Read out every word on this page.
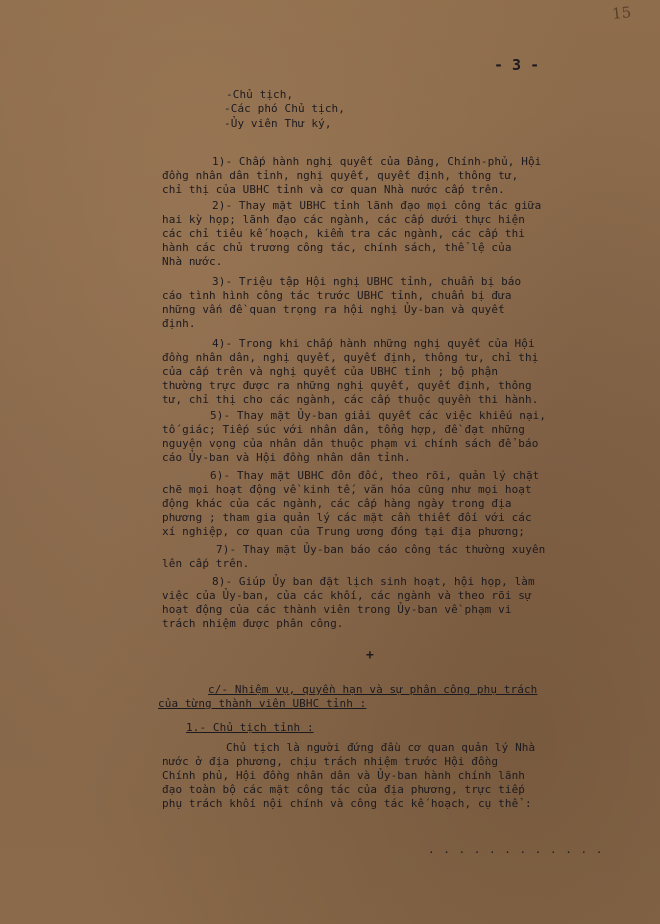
15
- 3 -
-Chủ tịch,
-Các phó Chủ tịch,
-Ủy viên Thư ký,
1)- Chấp hành nghị quyết của Đảng, Chính-phủ, Hội
đồng nhân dân tỉnh, nghị quyết, quyết định, thông tư,
chỉ thị của UBHC tỉnh và cơ quan Nhà nước cấp trên.
2)- Thay mặt UBHC tỉnh lãnh đạo mọi công tác giữa
hai kỳ họp; lãnh đạo các ngành, các cấp dưới thực hiện
các chỉ tiêu kế hoạch, kiểm tra các ngành, các cấp thi
hành các chủ trương công tác, chính sách, thể lệ của
Nhà nước.
3)- Triệu tập Hội nghị UBHC tỉnh, chuẩn bị báo
cáo tình hình công tác trước UBHC tỉnh, chuẩn bị đưa
những vấn đề quan trọng ra hội nghị Ủy-ban và quyết
định.
4)- Trong khi chấp hành những nghị quyết của Hội
đồng nhân dân, nghị quyết, quyết định, thông tư, chỉ thị
của cấp trên và nghị quyết của UBHC tỉnh ; bộ phận
thường trực được ra những nghị quyết, quyết định, thông
tư, chỉ thị cho các ngành, các cấp thuộc quyền thi hành.
5)- Thay mặt Ủy-ban giải quyết các việc khiếu nại,
tố giác; Tiếp súc với nhân dân, tổng hợp, đề đạt những
nguyện vọng của nhân dân thuộc phạm vi chính sách để báo
cáo Ủy-ban và Hội đồng nhân dân tỉnh.
6)- Thay mặt UBHC đôn đốc, theo rõi, quản lý chặt
chẽ mọi hoạt động về kinh tế, văn hóa cũng như mọi hoạt
động khác của các ngành, các cấp hàng ngày trong địa
phương ; tham gia quản lý các mặt cần thiết đối với các
xí nghiệp, cơ quan của Trung ương đóng tại địa phương;
7)- Thay mặt Ủy-ban báo cáo công tác thường xuyên
lên cấp trên.
8)- Giúp Ủy ban đặt lịch sinh hoạt, hội họp, làm
việc của Ủy-ban, của các khối, các ngành và theo rõi sự
hoạt động của các thành viên trong Ủy-ban về phạm vi
trách nhiệm được phân công.
+
c/- Nhiệm vụ, quyền hạn và sự phân công phụ trách
của từng thành viên UBHC tỉnh :
1.- Chủ tịch tỉnh :
Chủ tịch là người đứng đầu cơ quan quản lý Nhà
nước ở địa phương, chịu trách nhiệm trước Hội đồng
Chính phủ, Hội đồng nhân dân và Ủy-ban hành chính lãnh
đạo toàn bộ các mặt công tác của địa phương, trực tiếp
phụ trách khối nội chính và công tác kế hoạch, cụ thể :
· · · · · · · · · · · ·
